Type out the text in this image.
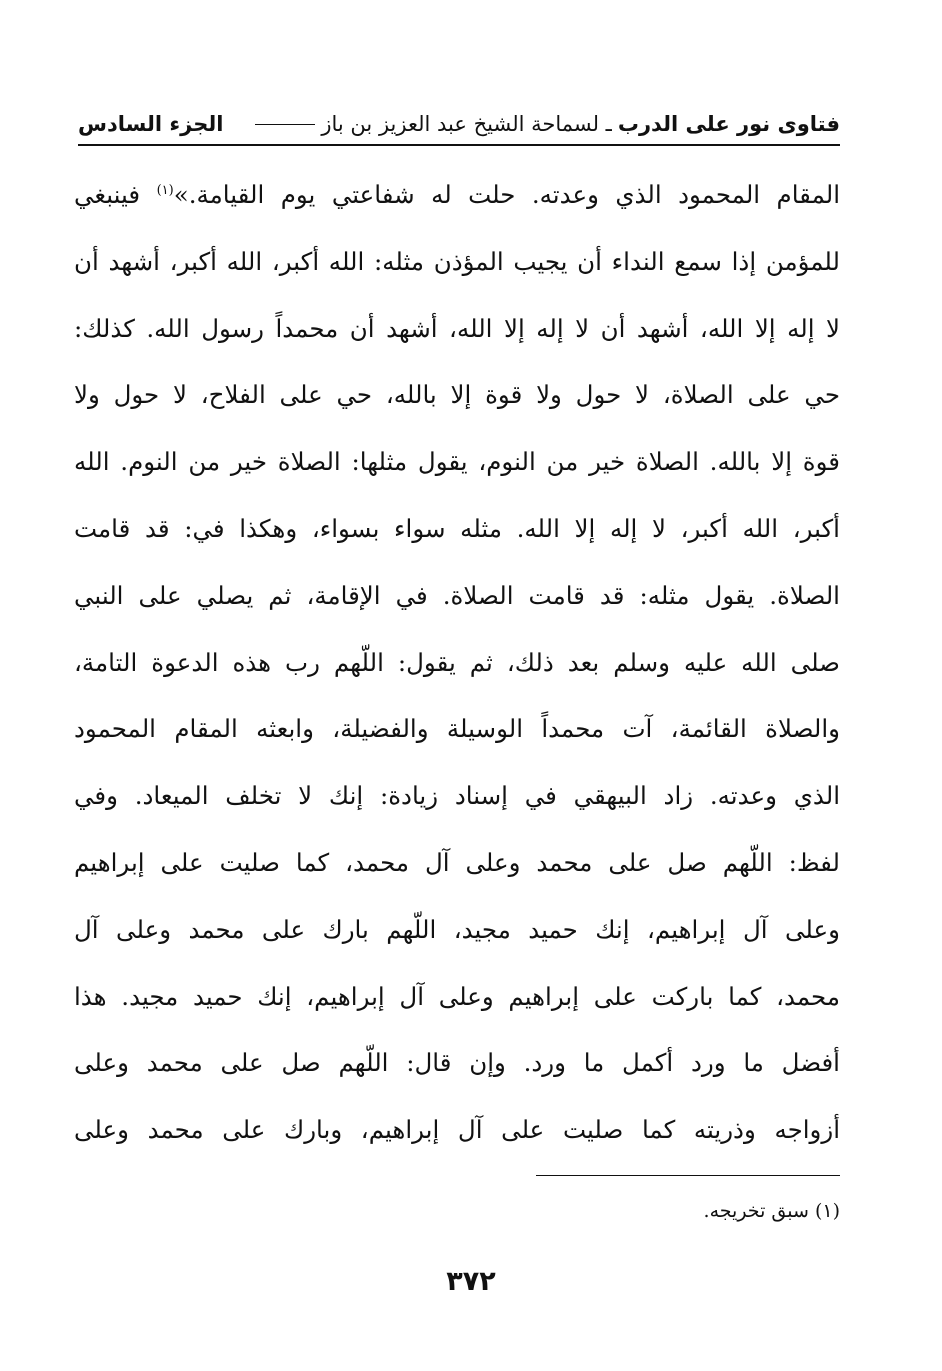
فتاوى نور على الدرب
ـ لسماحة الشيخ عبد العزيز بن باز
الجزء السادس
المقام المحمود الذي وعدته. حلت له شفاعتي يوم القيامة.»$^{(١)}$ فينبغي
للمؤمن إذا سمع النداء أن يجيب المؤذن مثله: الله أكبر، الله أكبر، أشهد أن
لا إله إلا الله، أشهد أن لا إله إلا الله، أشهد أن محمداً رسول الله. كذلك:
حي على الصلاة، لا حول ولا قوة إلا بالله، حي على الفلاح، لا حول ولا
قوة إلا بالله. الصلاة خير من النوم، يقول مثلها: الصلاة خير من النوم. الله
أكبر، الله أكبر، لا إله إلا الله. مثله سواء بسواء، وهكذا في: قد قامت
الصلاة. يقول مثله: قد قامت الصلاة. في الإقامة، ثم يصلي على النبي
صلى الله عليه وسلم بعد ذلك، ثم يقول: اللّهم رب هذه الدعوة التامة،
والصلاة القائمة، آت محمداً الوسيلة والفضيلة، وابعثه المقام المحمود
الذي وعدته. زاد البيهقي في إسناد زيادة: إنك لا تخلف الميعاد. وفي
لفظ: اللّهم صل على محمد وعلى آل محمد، كما صليت على إبراهيم
وعلى آل إبراهيم، إنك حميد مجيد، اللّهم بارك على محمد وعلى آل
محمد، كما باركت على إبراهيم وعلى آل إبراهيم، إنك حميد مجيد. هذا
أفضل ما ورد أكمل ما ورد. وإن قال: اللّهم صل على محمد وعلى
أزواجه وذريته كما صليت على آل إبراهيم، وبارك على محمد وعلى
(١) سبق تخريجه.
٣٧٢
